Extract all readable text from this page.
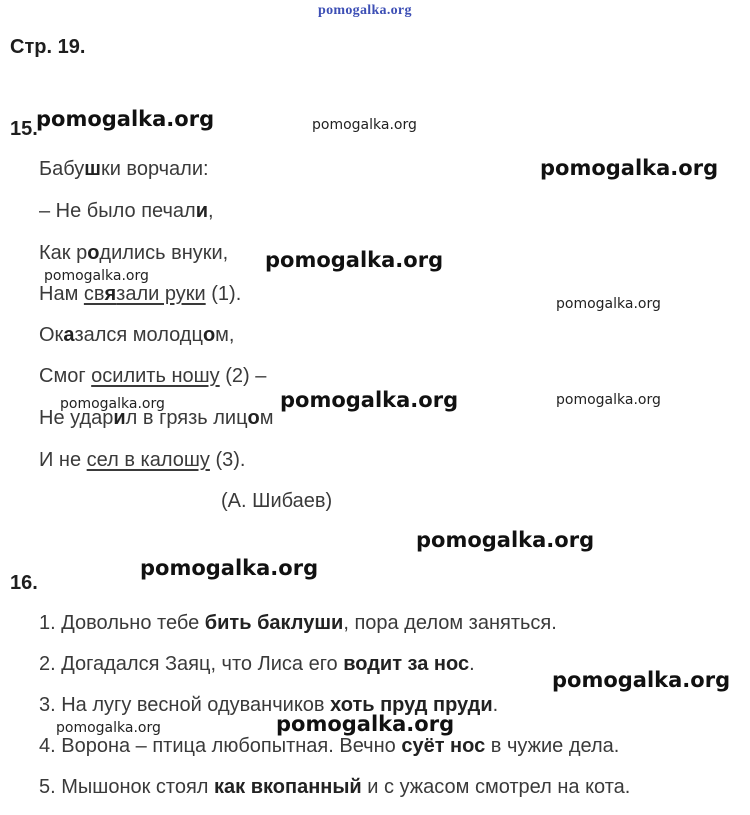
pomogalka.org
Стр. 19.
15.
Бабушки ворчали:
– Не было печали,
Как родились внуки,
Нам связали руки (1).
Оказался молодцом,
Смог осилить ношу (2) –
Не ударил в грязь лицом
И не сел в калошу (3).
(А. Шибаев)
16.
1. Довольно тебе бить баклуши, пора делом заняться.
2. Догадался Заяц, что Лиса его водит за нос.
3. На лугу весной одуванчиков хоть пруд пруди.
4. Ворона – птица любопытная. Вечно суёт нос в чужие дела.
5. Мышонок стоял как вкопанный и с ужасом смотрел на кота.
pomogalka.org	pomogalka.org
pomogalka.org
pomogalka.org
pomogalka.org
pomogalka.org
pomogalka.org
pomogalka.org	pomogalka.org
pomogalka.org
pomogalka.org
pomogalka.org
pomogalka.org
pomogalka.org
